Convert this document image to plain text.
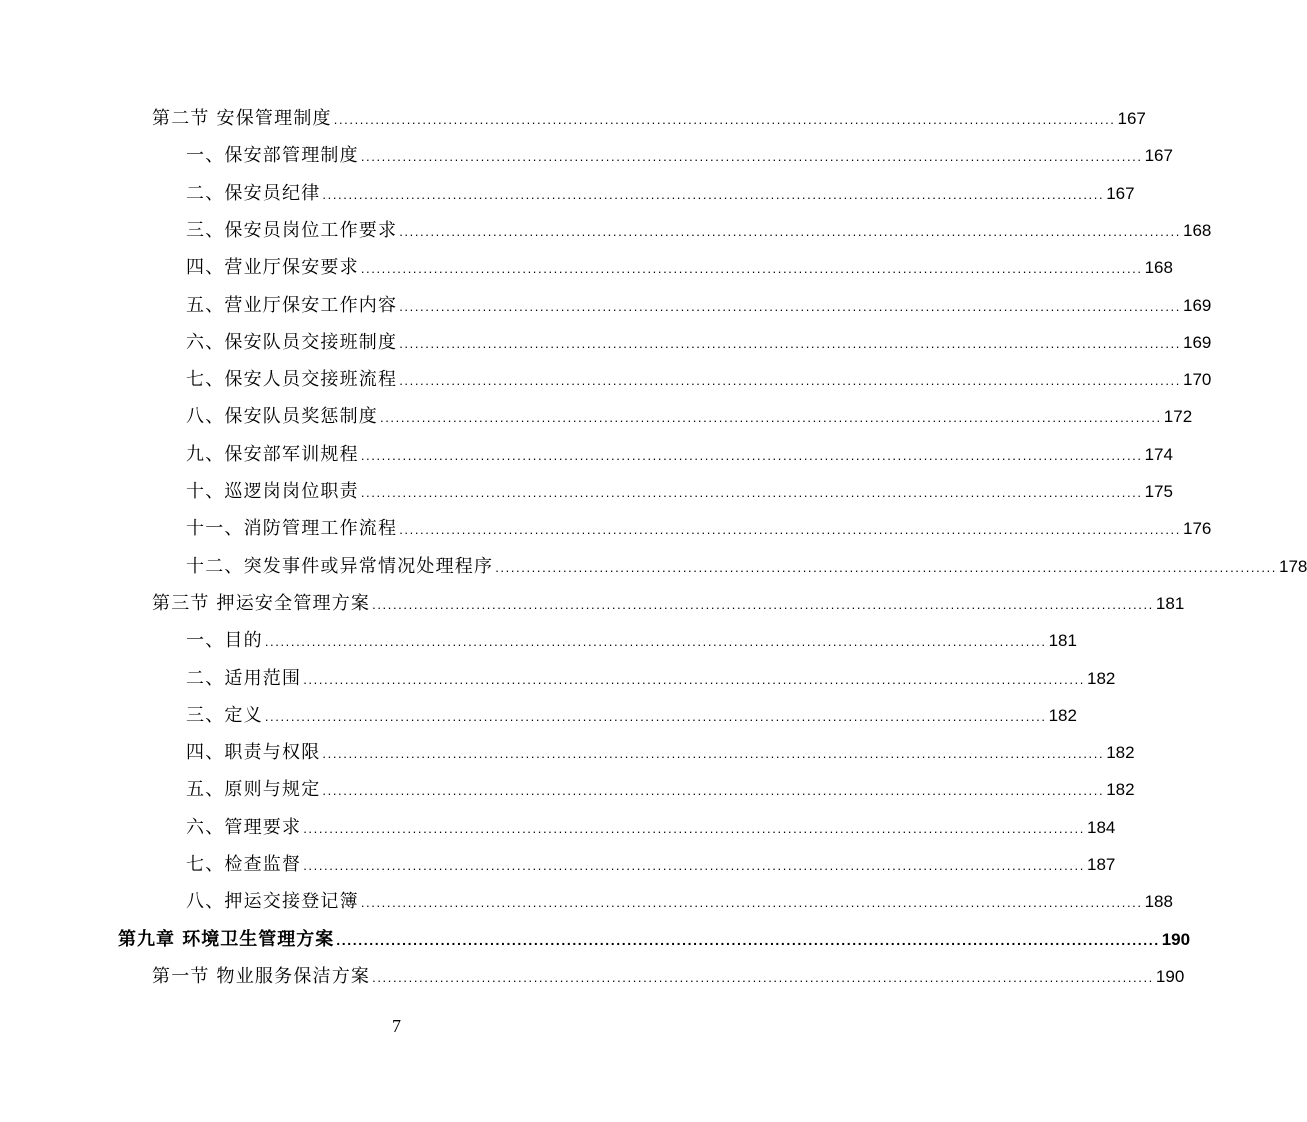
第二节 安保管理制度 ...................................................................................................................................................... 167
一、保安部管理制度 ...................................................................................................................................................... 167
二、保安员纪律 ...................................................................................................................................................... 167
三、保安员岗位工作要求 ...................................................................................................................................................... 168
四、营业厅保安要求 ...................................................................................................................................................... 168
五、营业厅保安工作内容 ...................................................................................................................................................... 169
六、保安队员交接班制度 ...................................................................................................................................................... 169
七、保安人员交接班流程 ...................................................................................................................................................... 170
八、保安队员奖惩制度 ...................................................................................................................................................... 172
九、保安部军训规程 ...................................................................................................................................................... 174
十、巡逻岗岗位职责 ...................................................................................................................................................... 175
十一、消防管理工作流程 ...................................................................................................................................................... 176
十二、突发事件或异常情况处理程序 ...................................................................................................................................................... 178
第三节 押运安全管理方案 ...................................................................................................................................................... 181
一、目的 ...................................................................................................................................................... 181
二、适用范围 ...................................................................................................................................................... 182
三、定义 ...................................................................................................................................................... 182
四、职责与权限 ...................................................................................................................................................... 182
五、原则与规定 ...................................................................................................................................................... 182
六、管理要求 ...................................................................................................................................................... 184
七、检查监督 ...................................................................................................................................................... 187
八、押运交接登记簿 ...................................................................................................................................................... 188
第九章 环境卫生管理方案 ...................................................................................................................................................... 190
第一节 物业服务保洁方案 ...................................................................................................................................................... 190
7
